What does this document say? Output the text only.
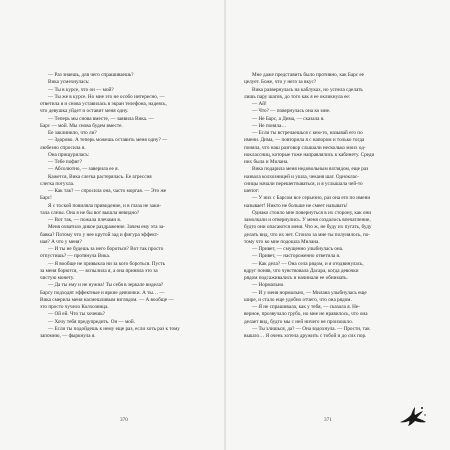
— Раз знаешь, для чего спрашиваешь?
Вика усмехнулась:
— Ты в курсе, что он — мой?
— Ты же в курсе. Но мне это не особо интересно, —
ответила я и снова уставилась в экран телефона, надеясь,
что девушка уйдет и оставит меня одну.
— Теперь мы снова вместе, — заявила Вика. —
Барс — мой. Мы снова будем вместе.
Ее заклинило, что ли?
— Здорово. А теперь можешь оставить меня одну? —
любезно спросила я.
Она прищурилась:
— Тебе пофиг?
— Абсолютно, — заверила ее я.
Кажется, Вика слегка растерялась. Ее агрессия
слегка потухла.
— Как так? — спросила она, часто моргая. — Это же
Барс!
Я с тоской повиляла привидение, и в глаза не заки-
тала слезы. Она я не бы вот вышла невидно?
— Вот так, — пожала плечами я.
Меня охватило дикое раздражение. Зачем ему эта за-
бавка? Потому что у нее крутой зад и фигура эффект-
ная? А что у меня?
— И ты не будешь за него бороться? Вот так просто
отпустишь? — протянула Вика.
— Я вообще не привыкла ни за кого бороться. Пусть
за меня борются, — вспылила я, а она приняла это за
чистую монету.
— Да ты ему и не нужна! Ты себя в зеркале видела?
Барсу подходят эффектные и яркие девчонки. А ты… —
Вика смерила меня насмешливым взглядом. — А вообще —
это просто чучело Колхозница.
— Ой ей. Что ты хочешь?
— Хочу тебя предупредить. Он — мой.
— Если ты подойдешь к нему еще раз, если хоть раз к тому
запомню, — фыркнула я.
Мне даже представить было противно, как Барс ее
целует. Боже, что у него за вкус?
Вика развернулась на каблуках, но успела сделать
лишь пару шагов, до того как я ее окликнула ее:
— Ай!
— Что? — повернулась она ко мне.
— Не Барс, а Дима, — сказала я.
— Не поняла…
— Если ты встречаешься с кем-то, называй его по
имени. Дима, — повторила я с напором и только тогда
поняла, что наш разговор слышали несколько моих од-
ноклассниц, которые тоже направлялись к кабинету. Среди
них была и Милана.
Вика подарила меня недовольным взглядом, еще раз
назвала колхозницей и ушла, чеканя шаг. Одноклас-
сницы начали перешептываться, и я услышала чей-то
шепот:
— У них с Барсом все серьезно, раз она его по имени
называет! Никто не больше не смеет называть!
Однако стоило мне повернуться в их сторону, как они
замолкали и отвернулись. У меня создалось впечатление,
будто они опасаются меня. Что ж, не буду их пугать, буду
делать вид, что их нет. Стоило за мне ты полунялось, по-
тому что ко мне подошла Милана.
— Привет, — смущенно улыбнулась она.
— Привет, — настороженно ответила я.
— Как дела? — Она села рядом, и я отодвинулась,
вдруг поняв, что чувствовала Дасара, когда девочки
рядом подсаживались и начинали ее обнимать.
— Нормально.
— И у меня нормально, — Милана улыбнулась еще
шире, и стало еще удобно отчего, что она рядом.
— Я не спрашивала, как у тебя, — сказала я. Не-
верное, прозвучало грубо, но мне не нравилось, что она
делает вид, будто мы с ней ничего не произошло.
— Ты злишься, да? — Она вздохнула. — Прости, так
вышло… Я очень хотела дружить с тобой и до сих пор.
370	371
